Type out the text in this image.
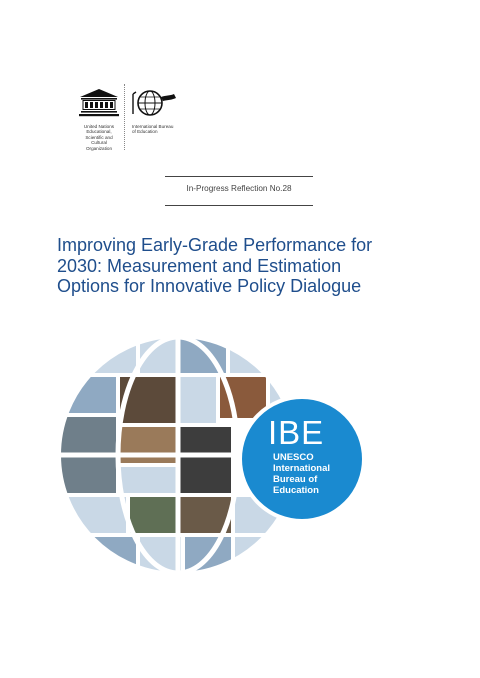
United Nations
Educational, Scientific and
Cultural Organization
International Bureau
of Education
In-Progress Reflection No.28
Improving Early-Grade Performance for
2030: Measurement and Estimation
Options for Innovative Policy Dialogue
IBE
UNESCO
International
Bureau of
Education
